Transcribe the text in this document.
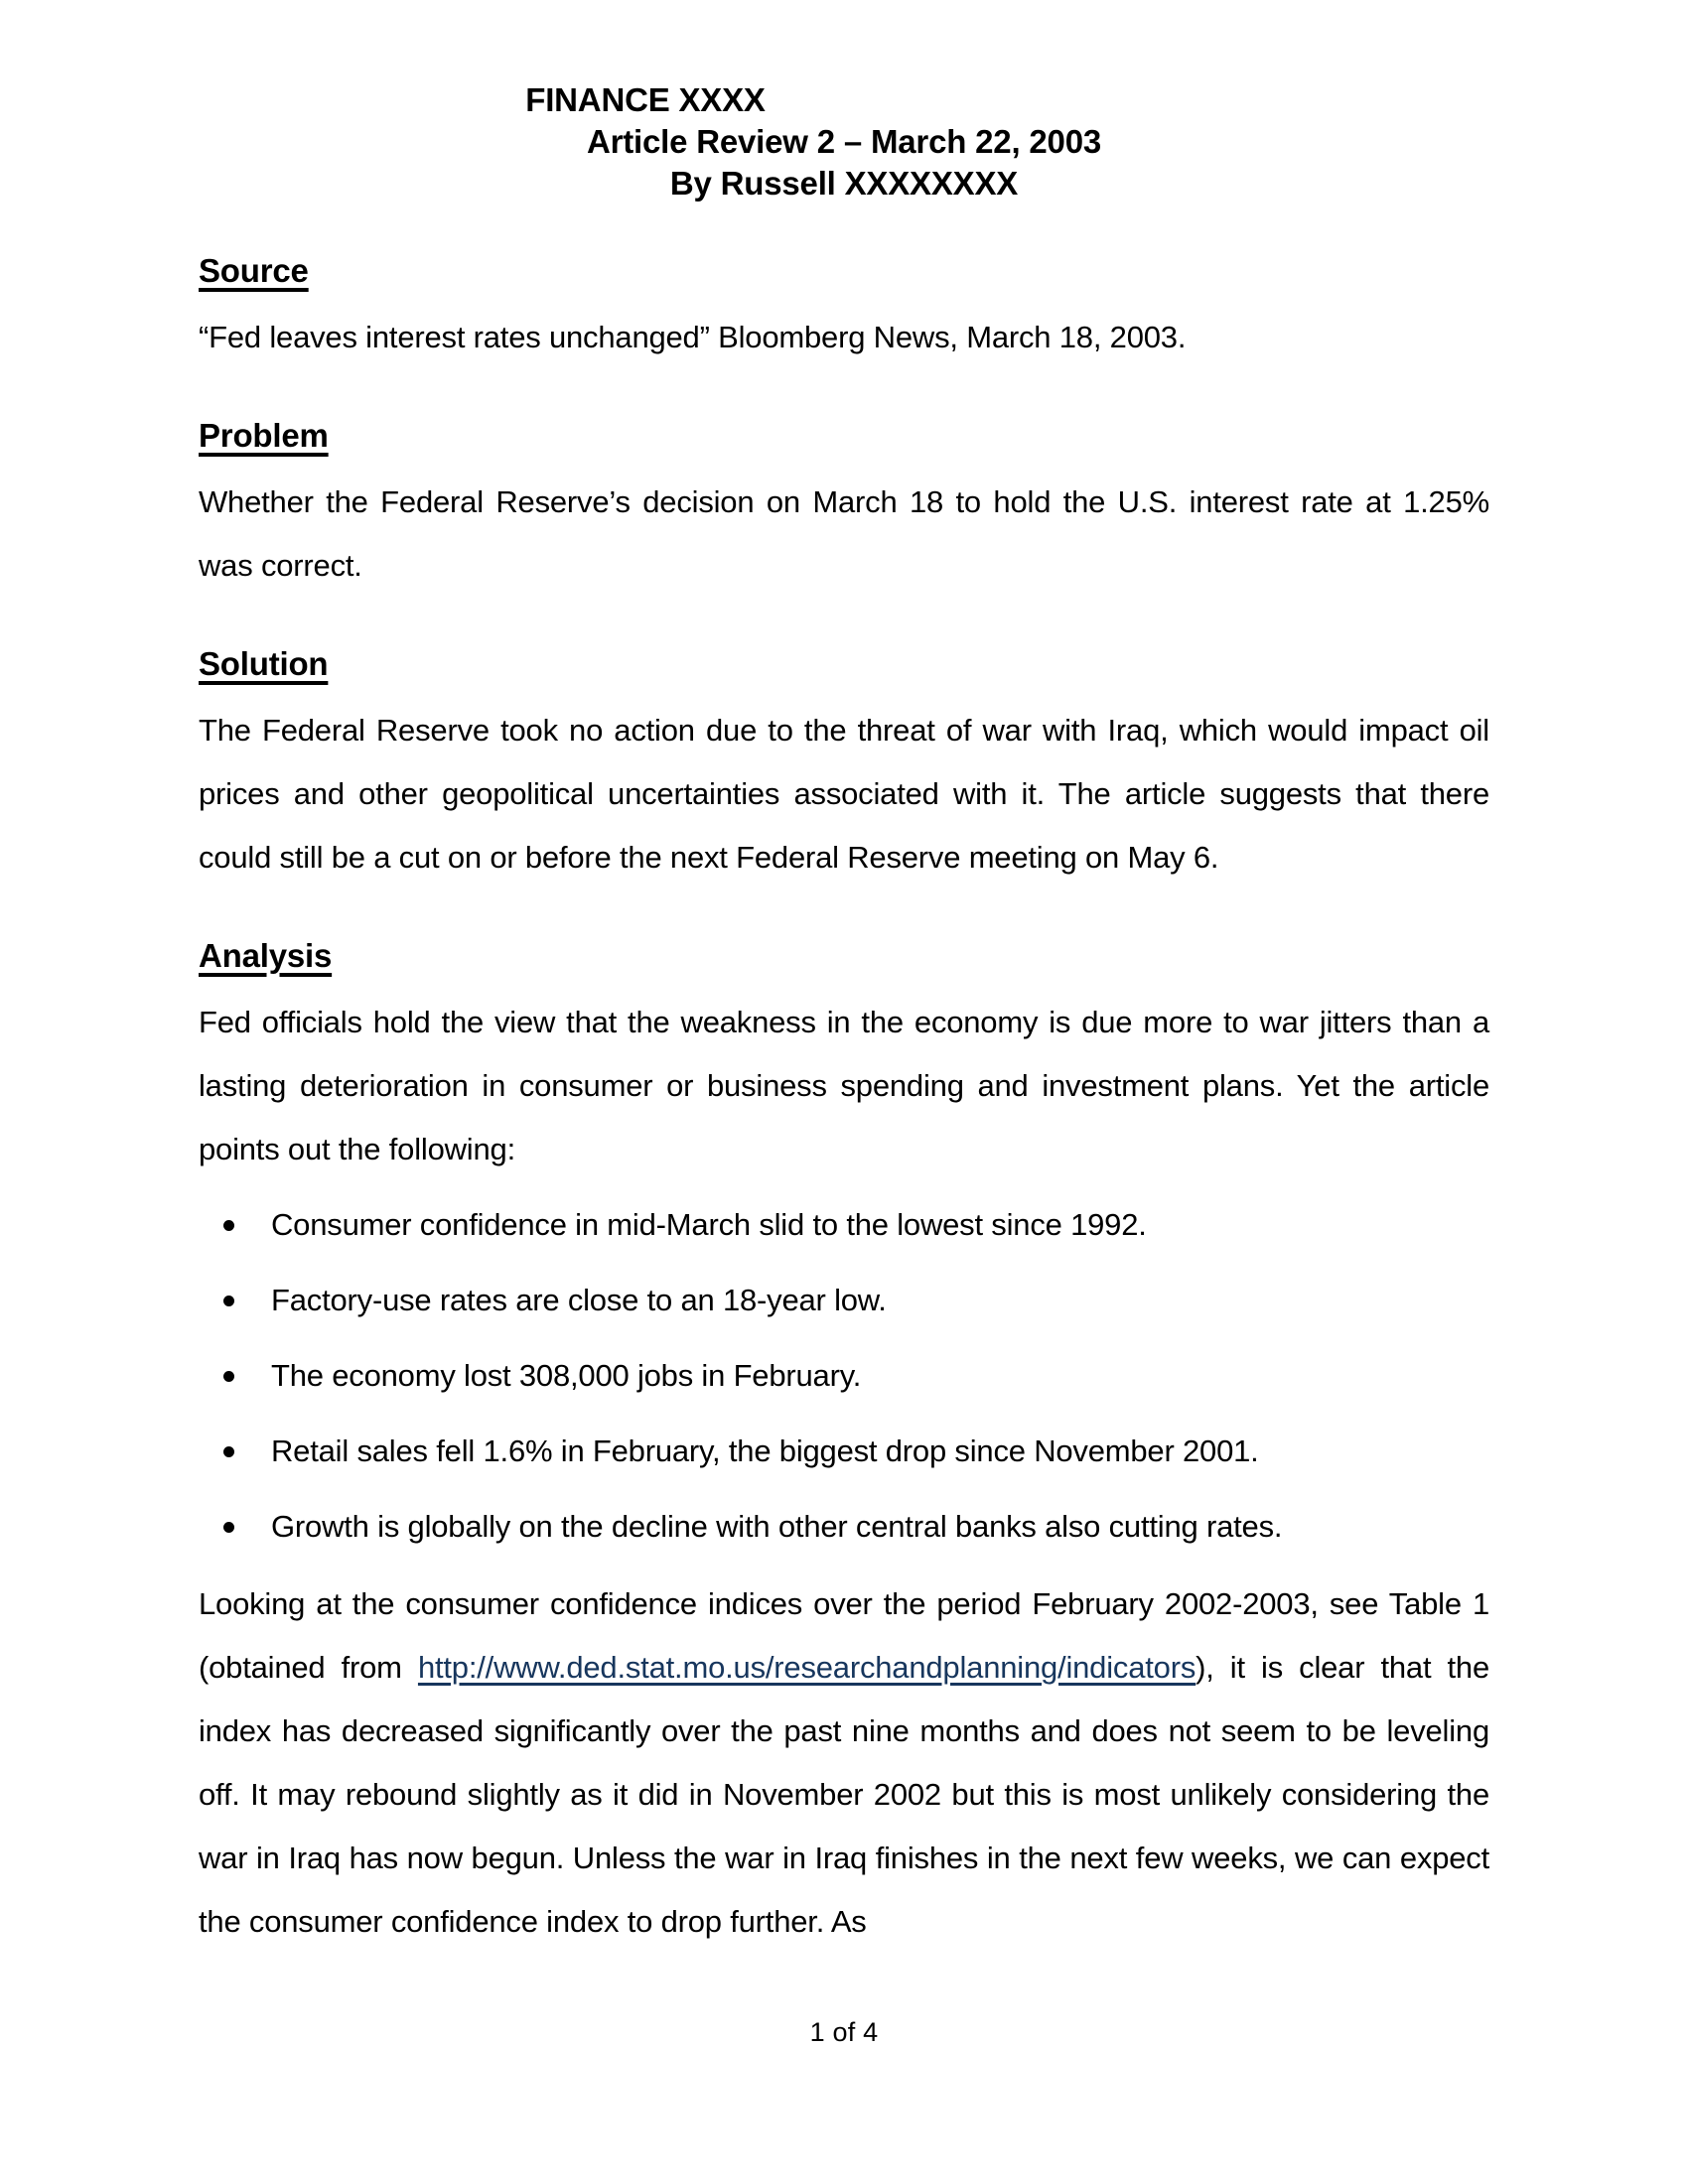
FINANCE XXXX
Article Review 2 – March 22, 2003
By Russell XXXXXXXX
Source

“Fed leaves interest rates unchanged” Bloomberg News, March 18, 2003.

Problem

Whether the Federal Reserve’s decision on March 18 to hold the U.S. interest rate at 1.25% was correct.

Solution

The Federal Reserve took no action due to the threat of war with Iraq, which would impact oil prices and other geopolitical uncertainties associated with it. The article suggests that there could still be a cut on or before the next Federal Reserve meeting on May 6.

Analysis

Fed officials hold the view that the weakness in the economy is due more to war jitters than a lasting deterioration in consumer or business spending and investment plans. Yet the article points out the following:

Consumer confidence in mid-March slid to the lowest since 1992.
Factory-use rates are close to an 18-year low.
The economy lost 308,000 jobs in February.
Retail sales fell 1.6% in February, the biggest drop since November 2001.
Growth is globally on the decline with other central banks also cutting rates.

Looking at the consumer confidence indices over the period February 2002-2003, see Table 1 (obtained from http://www.ded.stat.mo.us/researchandplanning/indicators), it is clear that the index has decreased significantly over the past nine months and does not seem to be leveling off. It may rebound slightly as it did in November 2002 but this is most unlikely considering the war in Iraq has now begun. Unless the war in Iraq finishes in the next few weeks, we can expect the consumer confidence index to drop further. As

1 of 4
